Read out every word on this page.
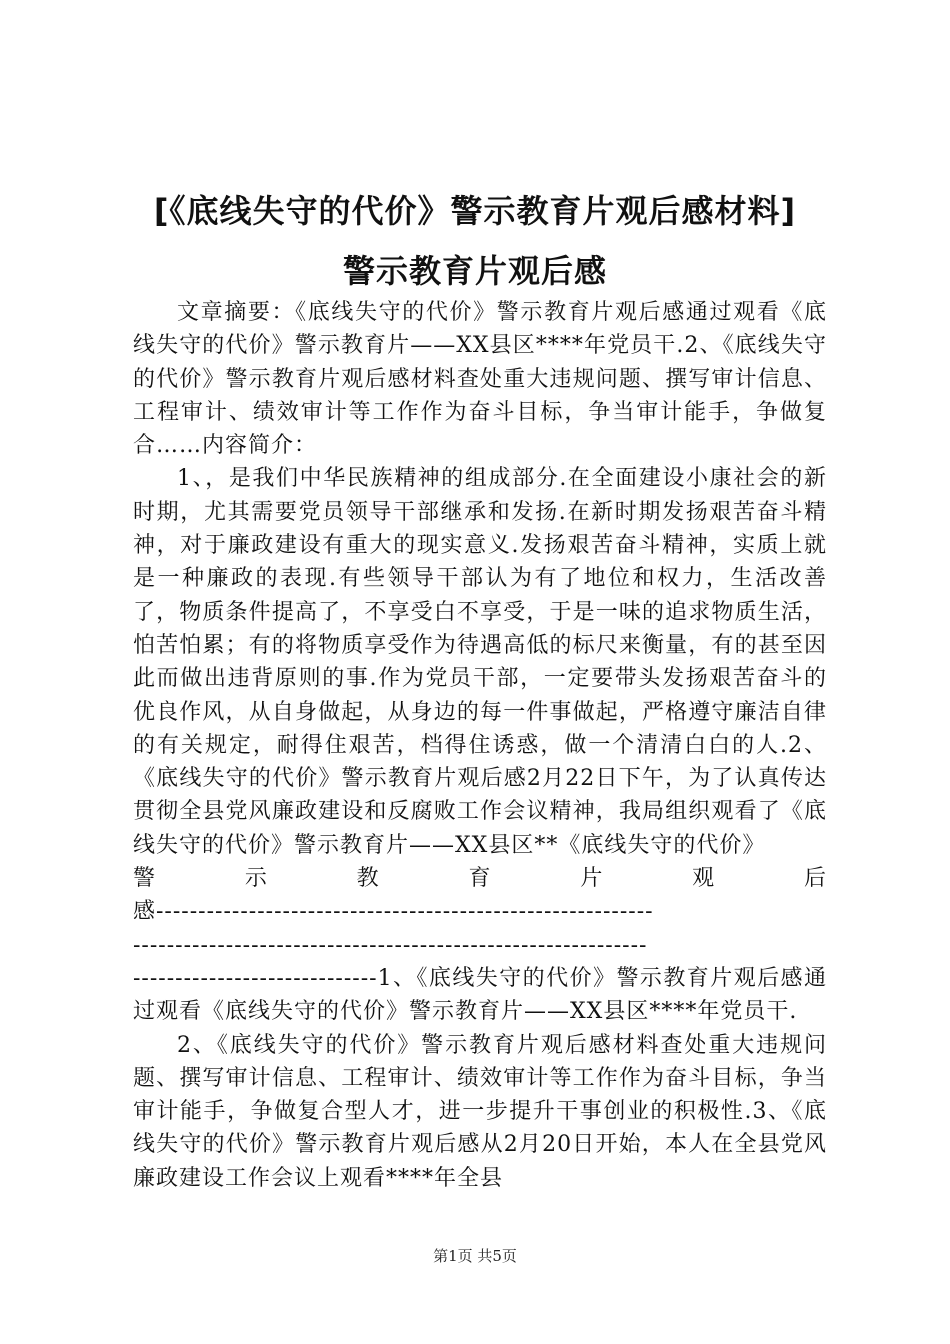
[《底线失守的代价》警示教育片观后感材料]
警示教育片观后感

文章摘要：《底线失守的代价》警示教育片观后感通过观看《底线失守的代价》警示教育片——XX县区****年党员干.2、《底线失守的代价》警示教育片观后感材料查处重大违规问题、撰写审计信息、工程审计、绩效审计等工作作为奋斗目标，争当审计能手，争做复合……内容简介：

1、，是我们中华民族精神的组成部分.在全面建设小康社会的新时期，尤其需要党员领导干部继承和发扬.在新时期发扬艰苦奋斗精神，对于廉政建设有重大的现实意义.发扬艰苦奋斗精神，实质上就是一种廉政的表现.有些领导干部认为有了地位和权力，生活改善了，物质条件提高了，不享受白不享受，于是一味的追求物质生活，怕苦怕累；有的将物质享受作为待遇高低的标尺来衡量，有的甚至因此而做出违背原则的事.作为党员干部，一定要带头发扬艰苦奋斗的优良作风，从自身做起，从身边的每一件事做起，严格遵守廉洁自律的有关规定，耐得住艰苦，档得住诱惑，做一个清清白白的人.2、《底线失守的代价》警示教育片观后感2月22日下午，为了认真传达贯彻全县党风廉政建设和反腐败工作会议精神，我局组织观看了《底线失守的代价》警示教育片——XX县区**《底线失守的代价》

警	示	教	育	片	观	后
感-----------------------------------------------------------
-------------------------------------------------------------

-----------------------------1、《底线失守的代价》警示教育片观后感通过观看《底线失守的代价》警示教育片——XX县区****年党员干.

2、《底线失守的代价》警示教育片观后感材料查处重大违规问题、撰写审计信息、工程审计、绩效审计等工作作为奋斗目标，争当审计能手，争做复合型人才，进一步提升干事创业的积极性.3、《底线失守的代价》警示教育片观后感从2月20日开始，本人在全县党风廉政建设工作会议上观看****年全县

第1页 共5页
